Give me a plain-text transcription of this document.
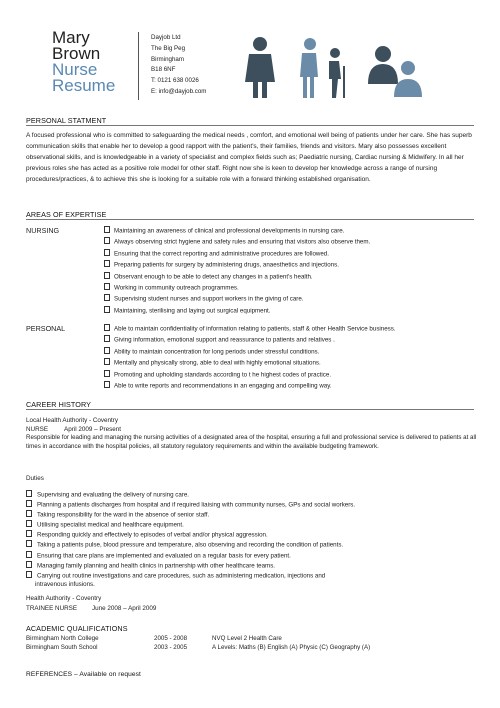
Mary
Brown
Nurse
Resume
Dayjob Ltd
The Big Peg
Birmingham
B18 6NF
T: 0121 638 0026
E: info@dayjob.com
PERSONAL STATMENT
A focused professional who is committed to safeguarding the medical needs , comfort, and emotional well being of patients under her care. She has superb communication skills that enable her to develop a good rapport with the patient's, their families, friends and visitors. Mary also possesses excellent observational skills, and is knowledgeable in a variety of specialist and complex fields such as; Paediatric nursing, Cardiac nursing & Midwifery. In all her previous roles she has acted as a positive role model for other staff. Right now she is keen to develop her knowledge across a range of nursing procedures/practices, & to achieve this she is looking for a suitable role with a forward thinking established organisation.
AREAS OF EXPERTISE
NURSING	Maintaining an awareness of clinical and professional developments in nursing care.
Always observing strict hygiene and safety rules and ensuring that visitors also observe them.
Ensuring that the correct reporting and administrative procedures are followed.
Preparing patients for surgery by administering drugs, anaesthetics and injections.
Observant enough to be able to detect any changes in a patient's health.
Working in community outreach programmes.
Supervising student nurses and support workers in the giving of care.
Maintaining, sterilising and laying out surgical equipment.
PERSONAL	Able to maintain confidentiality of information relating to patients, staff & other Health Service business.
Giving information, emotional support and reassurance to patients and relatives .
Ability to maintain concentration for long periods under stressful conditions.
Mentally and physically strong, able to deal with highly emotional situations.
Promoting and upholding standards according to t he highest codes of practice.
Able to write reports and recommendations in an engaging and compelling way.
CAREER HISTORY
Local Health Authority - Coventry
NURSE	April 2009 – Present
Responsible for leading and managing the nursing activities of a designated area of the hospital, ensuring a full and professional service is delivered to patients at all times in accordance with the hospital policies, all statutory regulatory requirements and within the available budgeting framework.
Duties
Supervising and evaluating the delivery of nursing care.
Planning a patients discharges from hospital and if required liaising with community nurses, GPs and social workers.
Taking responsibility for the ward in the absence of senior staff.
Utilising specialist medical and healthcare equipment.
Responding quickly and effectively to episodes of verbal and/or physical aggression.
Taking a patients pulse, blood pressure and temperature, also observing and recording the condition of patients.
Ensuring that care plans are implemented and evaluated on a regular basis for every patient.
Managing family planning and health clinics in partnership with other healthcare teams.
Carrying out routine investigations and care procedures, such as administering medication, injections and
intravenous infusions.
Health Authority - Coventry
TRAINEE NURSE June 2008 – April 2009
ACADEMIC QUALIFICATIONS
Birmingham North College	2005 - 2008	NVQ Level 2 Health Care
Birmingham South School	2003 - 2005	A Levels: Maths (B) English (A) Physic (C) Geography (A)
REFERENCES – Available on request
